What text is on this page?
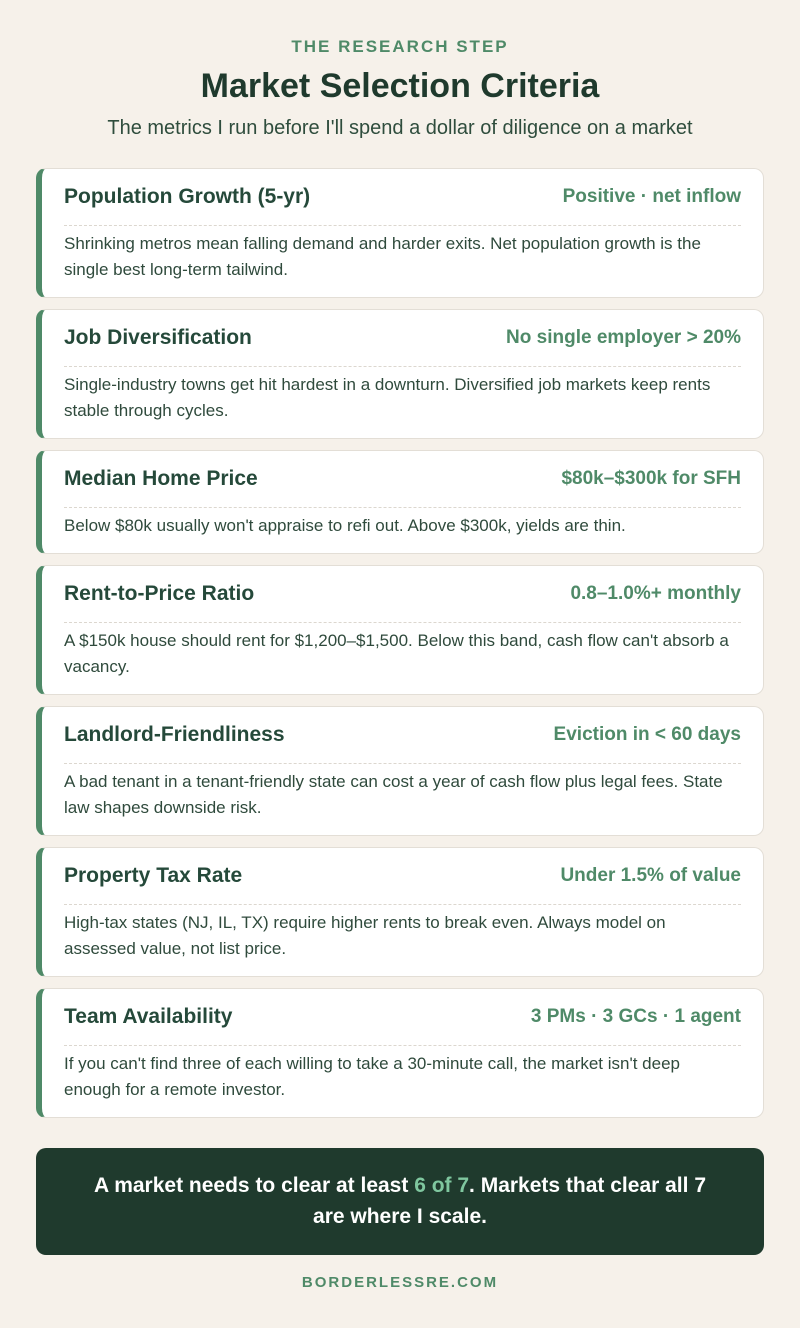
THE RESEARCH STEP
Market Selection Criteria
The metrics I run before I'll spend a dollar of diligence on a market
Population Growth (5-yr)	Positive · net inflow
Shrinking metros mean falling demand and harder exits. Net population growth is the single best long-term tailwind.
Job Diversification	No single employer > 20%
Single-industry towns get hit hardest in a downturn. Diversified job markets keep rents stable through cycles.
Median Home Price	$80k–$300k for SFH
Below $80k usually won't appraise to refi out. Above $300k, yields are thin.
Rent-to-Price Ratio	0.8–1.0%+ monthly
A $150k house should rent for $1,200–$1,500. Below this band, cash flow can't absorb a vacancy.
Landlord-Friendliness	Eviction in < 60 days
A bad tenant in a tenant-friendly state can cost a year of cash flow plus legal fees. State law shapes downside risk.
Property Tax Rate	Under 1.5% of value
High-tax states (NJ, IL, TX) require higher rents to break even. Always model on assessed value, not list price.
Team Availability	3 PMs · 3 GCs · 1 agent
If you can't find three of each willing to take a 30-minute call, the market isn't deep enough for a remote investor.
A market needs to clear at least 6 of 7. Markets that clear all 7 are where I scale.
BORDERLESSRE.COM
